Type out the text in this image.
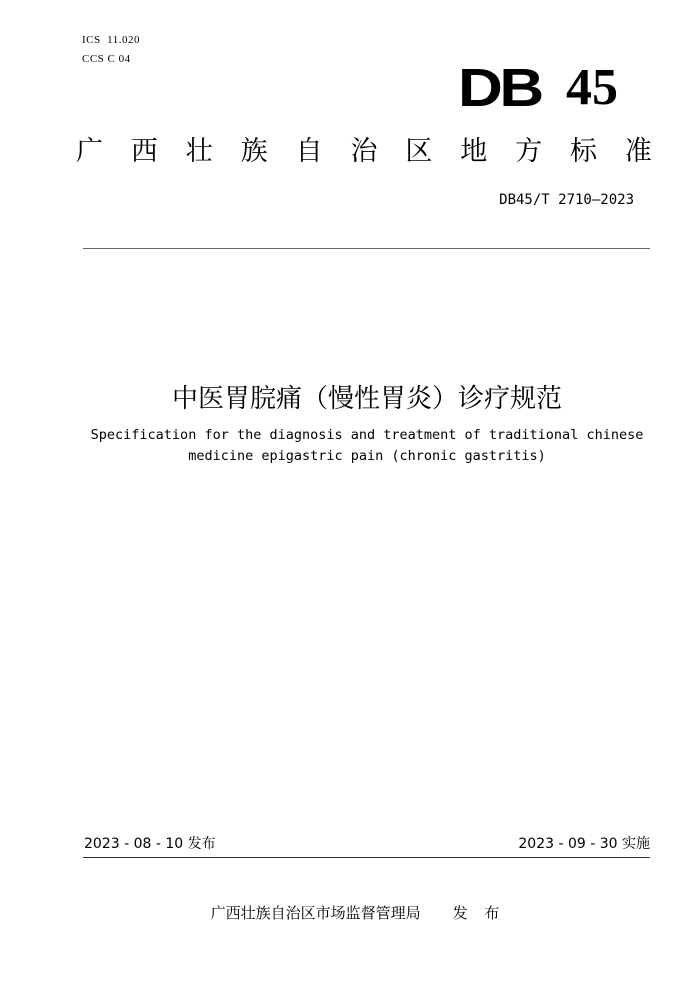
ICS 11.020
CCS C 04	DB 45
广 西 壮 族 自 治 区 地 方 标 准
DB45/T 2710—2023
中医胃脘痛（慢性胃炎）诊疗规范
Specification for the diagnosis and treatment of traditional chinese
medicine epigastric pain (chronic gastritis)
2023 - 08 - 10 发布	2023 - 09 - 30 实施
广西壮族自治区市场监督管理局 发 布
